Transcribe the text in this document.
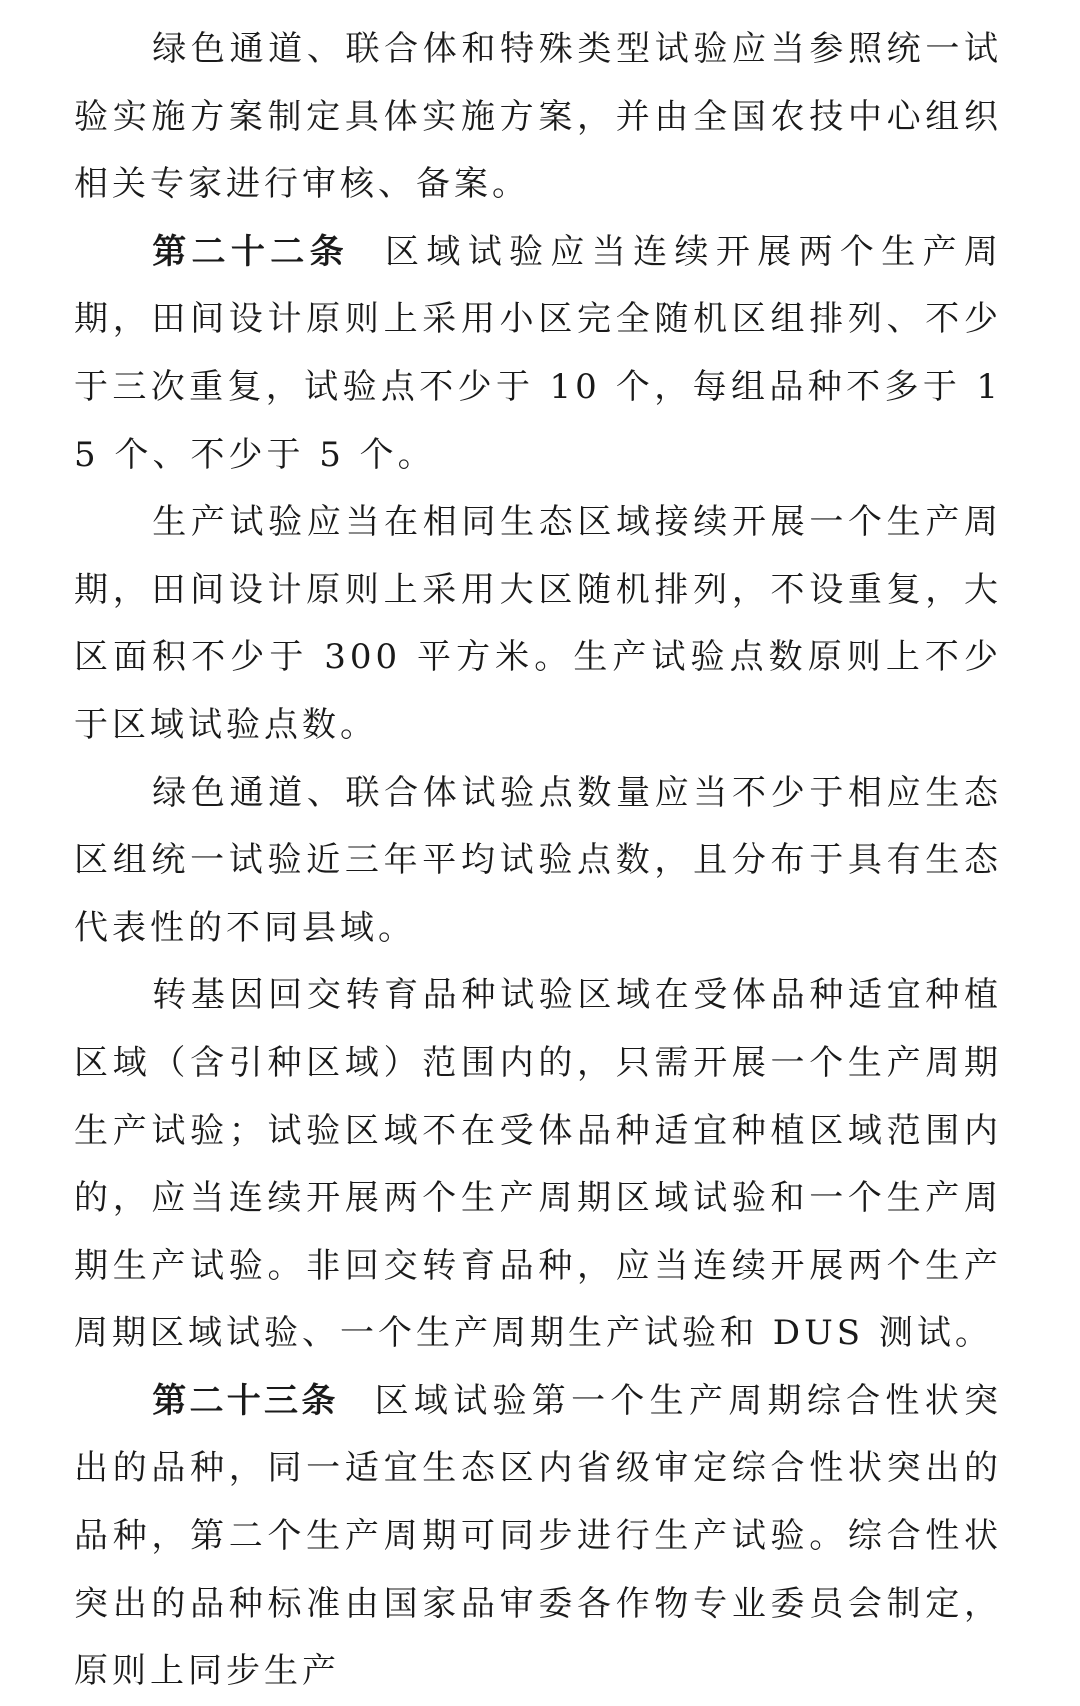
绿色通道、联合体和特殊类型试验应当参照统一试验实施方案制定具体实施方案，并由全国农技中心组织相关专家进行审核、备案。

第二十二条 区域试验应当连续开展两个生产周期，田间设计原则上采用小区完全随机区组排列、不少于三次重复，试验点不少于 10 个，每组品种不多于 15 个、不少于 5 个。

生产试验应当在相同生态区域接续开展一个生产周期，田间设计原则上采用大区随机排列，不设重复，大区面积不少于 300 平方米。生产试验点数原则上不少于区域试验点数。

绿色通道、联合体试验点数量应当不少于相应生态区组统一试验近三年平均试验点数，且分布于具有生态代表性的不同县域。

转基因回交转育品种试验区域在受体品种适宜种植区域（含引种区域）范围内的，只需开展一个生产周期生产试验；试验区域不在受体品种适宜种植区域范围内的，应当连续开展两个生产周期区域试验和一个生产周期生产试验。非回交转育品种，应当连续开展两个生产周期区域试验、一个生产周期生产试验和 DUS 测试。

第二十三条 区域试验第一个生产周期综合性状突出的品种，同一适宜生态区内省级审定综合性状突出的品种，第二个生产周期可同步进行生产试验。综合性状突出的品种标准由国家品审委各作物专业委员会制定，原则上同步生产
